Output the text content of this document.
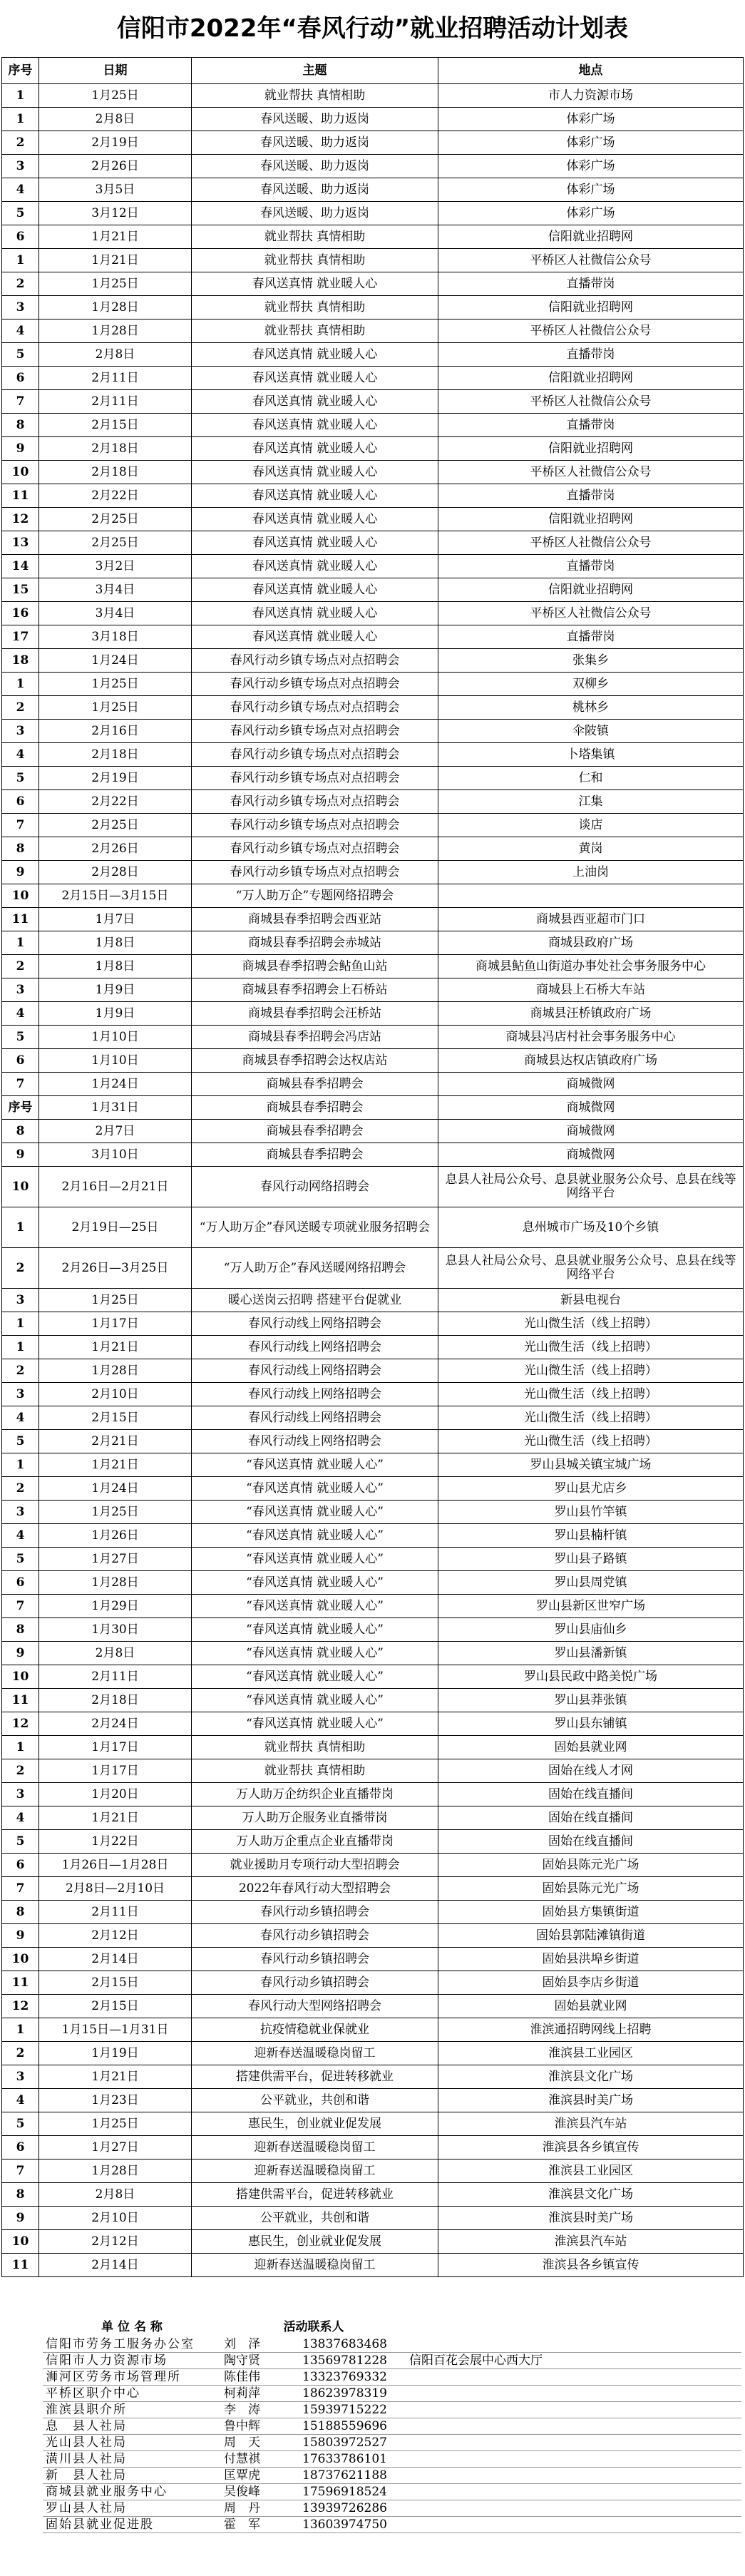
信阳市2022年“春风行动”就业招聘活动计划表
序号	日期	主题	地点
1	1月25日	就业帮扶 真情相助	市人力资源市场
1	2月8日	春风送暖、助力返岗	体彩广场
2	2月19日	春风送暖、助力返岗	体彩广场
3	2月26日	春风送暖、助力返岗	体彩广场
4	3月5日	春风送暖、助力返岗	体彩广场
5	3月12日	春风送暖、助力返岗	体彩广场
6	1月21日	就业帮扶 真情相助	信阳就业招聘网
1	1月21日	就业帮扶 真情相助	平桥区人社微信公众号
2	1月25日	春风送真情 就业暖人心	直播带岗
3	1月28日	就业帮扶 真情相助	信阳就业招聘网
4	1月28日	就业帮扶 真情相助	平桥区人社微信公众号
5	2月8日	春风送真情 就业暖人心	直播带岗
6	2月11日	春风送真情 就业暖人心	信阳就业招聘网
7	2月11日	春风送真情 就业暖人心	平桥区人社微信公众号
8	2月15日	春风送真情 就业暖人心	直播带岗
9	2月18日	春风送真情 就业暖人心	信阳就业招聘网
10	2月18日	春风送真情 就业暖人心	平桥区人社微信公众号
11	2月22日	春风送真情 就业暖人心	直播带岗
12	2月25日	春风送真情 就业暖人心	信阳就业招聘网
13	2月25日	春风送真情 就业暖人心	平桥区人社微信公众号
14	3月2日	春风送真情 就业暖人心	直播带岗
15	3月4日	春风送真情 就业暖人心	信阳就业招聘网
16	3月4日	春风送真情 就业暖人心	平桥区人社微信公众号
17	3月18日	春风送真情 就业暖人心	直播带岗
18	1月24日	春风行动乡镇专场点对点招聘会	张集乡
1	1月25日	春风行动乡镇专场点对点招聘会	双柳乡
2	1月25日	春风行动乡镇专场点对点招聘会	桃林乡
3	2月16日	春风行动乡镇专场点对点招聘会	伞陂镇
4	2月18日	春风行动乡镇专场点对点招聘会	卜塔集镇
5	2月19日	春风行动乡镇专场点对点招聘会	仁和
6	2月22日	春风行动乡镇专场点对点招聘会	江集
7	2月25日	春风行动乡镇专场点对点招聘会	谈店
8	2月26日	春风行动乡镇专场点对点招聘会	黄岗
9	2月28日	春风行动乡镇专场点对点招聘会	上油岗
10	2月15日—3月15日	“万人助万企”专题网络招聘会	
11	1月7日	商城县春季招聘会西亚站	商城县西亚超市门口
1	1月8日	商城县春季招聘会赤城站	商城县政府广场
2	1月8日	商城县春季招聘会鲇鱼山站	商城县鲇鱼山街道办事处社会事务服务中心
3	1月9日	商城县春季招聘会上石桥站	商城县上石桥大车站
4	1月9日	商城县春季招聘会汪桥站	商城县汪桥镇政府广场
5	1月10日	商城县春季招聘会冯店站	商城县冯店村社会事务服务中心
6	1月10日	商城县春季招聘会达权店站	商城县达权店镇政府广场
7	1月24日	商城县春季招聘会	商城微网
序号	1月31日	商城县春季招聘会	商城微网
8	2月7日	商城县春季招聘会	商城微网
9	3月10日	商城县春季招聘会	商城微网
10	2月16日—2月21日	春风行动网络招聘会	息县人社局公众号、息县就业服务公众号、息县在线等网络平台
1	2月19日—25日	“万人助万企”春风送暖专项就业服务招聘会	息州城市广场及10个乡镇
2	2月26日—3月25日	“万人助万企”春风送暖网络招聘会	息县人社局公众号、息县就业服务公众号、息县在线等网络平台
3	1月25日	暖心送岗云招聘 搭建平台促就业	新县电视台
1	1月17日	春风行动线上网络招聘会	光山微生活（线上招聘）
1	1月21日	春风行动线上网络招聘会	光山微生活（线上招聘）
2	1月28日	春风行动线上网络招聘会	光山微生活（线上招聘）
3	2月10日	春风行动线上网络招聘会	光山微生活（线上招聘）
4	2月15日	春风行动线上网络招聘会	光山微生活（线上招聘）
5	2月21日	春风行动线上网络招聘会	光山微生活（线上招聘）
1	1月21日	“春风送真情 就业暖人心”	罗山县城关镇宝城广场
2	1月24日	“春风送真情 就业暖人心”	罗山县尤店乡
3	1月25日	“春风送真情 就业暖人心”	罗山县竹竿镇
4	1月26日	“春风送真情 就业暖人心”	罗山县楠杆镇
5	1月27日	“春风送真情 就业暖人心”	罗山县子路镇
6	1月28日	“春风送真情 就业暖人心”	罗山县周党镇
7	1月29日	“春风送真情 就业暖人心”	罗山县新区世窄广场
8	1月30日	“春风送真情 就业暖人心”	罗山县庙仙乡
9	2月8日	“春风送真情 就业暖人心”	罗山县潘新镇
10	2月11日	“春风送真情 就业暖人心”	罗山县民政中路美悦广场
11	2月18日	“春风送真情 就业暖人心”	罗山县莽张镇
12	2月24日	“春风送真情 就业暖人心”	罗山县东铺镇
1	1月17日	就业帮扶 真情相助	固始县就业网
2	1月17日	就业帮扶 真情相助	固始在线人才网
3	1月20日	万人助万企纺织企业直播带岗	固始在线直播间
4	1月21日	万人助万企服务业直播带岗	固始在线直播间
5	1月22日	万人助万企重点企业直播带岗	固始在线直播间
6	1月26日—1月28日	就业援助月专项行动大型招聘会	固始县陈元光广场
7	2月8日—2月10日	2022年春风行动大型招聘会	固始县陈元光广场
8	2月11日	春风行动乡镇招聘会	固始县方集镇街道
9	2月12日	春风行动乡镇招聘会	固始县郭陆滩镇街道
10	2月14日	春风行动乡镇招聘会	固始县洪埠乡街道
11	2月15日	春风行动乡镇招聘会	固始县李店乡街道
12	2月15日	春风行动大型网络招聘会	固始县就业网
1	1月15日—1月31日	抗疫情稳就业保就业	淮滨通招聘网线上招聘
2	1月19日	迎新春送温暖稳岗留工	淮滨县工业园区
3	1月21日	搭建供需平台，促进转移就业	淮滨县文化广场
4	1月23日	公平就业，共创和谐	淮滨县时美广场
5	1月25日	惠民生，创业就业促发展	淮滨县汽车站
6	1月27日	迎新春送温暖稳岗留工	淮滨县各乡镇宣传
7	1月28日	迎新春送温暖稳岗留工	淮滨县工业园区
8	2月8日	搭建供需平台，促进转移就业	淮滨县文化广场
9	2月10日	公平就业，共创和谐	淮滨县时美广场
10	2月12日	惠民生，创业就业促发展	淮滨县汽车站
11	2月14日	迎新春送温暖稳岗留工	淮滨县各乡镇宣传
单 位 名 称	活动联系人		
信阳市劳务工服务办公室	刘　泽	13837683468	
信阳市人力资源市场	陶守贤	13569781228	信阳百花会展中心西大厅
浉河区劳务市场管理所	陈佳伟	13323769332	
平桥区职介中心	柯莉萍	18623978319	
淮滨县职介所	李　涛	15939715222	
息　县人社局	鲁中辉	15188559696	
光山县人社局	周　天	15803972527	
潢川县人社局	付慧祺	17633786101	
新　县人社局	匡覃虎	18737621188	
商城县就业服务中心	吴俊峰	17596918524	
罗山县人社局	周　丹	13939726286	
固始县就业促进股	霍　军	13603974750	
